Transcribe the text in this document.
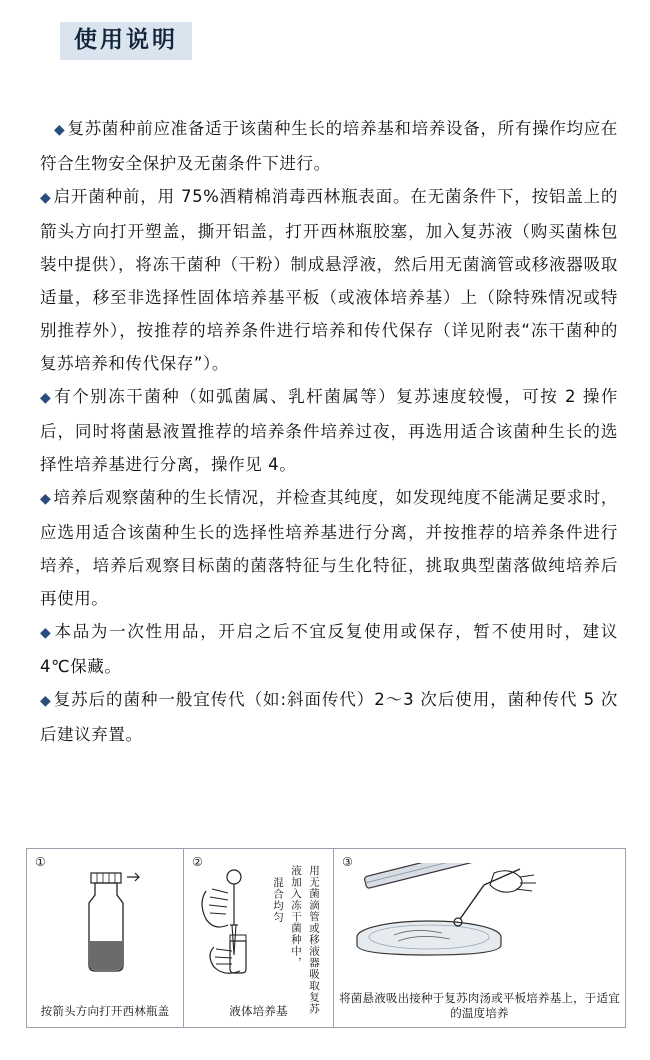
使用说明

◆ 复苏菌种前应准备适于该菌种生长的培养基和培养设备，所有操作均应在符合生物安全保护及无菌条件下进行。

◆ 启开菌种前，用 75%酒精棉消毒西林瓶表面。在无菌条件下，按铝盖上的箭头方向打开塑盖，撕开铝盖，打开西林瓶胶塞，加入复苏液（购买菌株包装中提供），将冻干菌种（干粉）制成悬浮液，然后用无菌滴管或移液器吸取适量，移至非选择性固体培养基平板（或液体培养基）上（除特殊情况或特别推荐外），按推荐的培养条件进行培养和传代保存（详见附表“冻干菌种的复苏培养和传代保存”）。

◆ 有个别冻干菌种（如弧菌属、乳杆菌属等）复苏速度较慢，可按 2 操作后，同时将菌悬液置推荐的培养条件培养过夜，再选用适合该菌种生长的选择性培养基进行分离，操作见 4。

◆ 培养后观察菌种的生长情况，并检查其纯度，如发现纯度不能满足要求时，应选用适合该菌种生长的选择性培养基进行分离，并按推荐的培养条件进行培养，培养后观察目标菌的菌落特征与生化特征，挑取典型菌落做纯培养后再使用。

◆ 本品为一次性用品，开启之后不宜反复使用或保存，暂不使用时，建议 4℃保藏。

◆ 复苏后的菌种一般宜传代（如:斜面传代）2～3 次后使用，菌种传代 5 次后建议弃置。

①
按箭头方向打开西林瓶盖
②
用无菌滴管或移液器吸取复苏
液加入冻干菌种中，
混合均匀
液体培养基
③
将菌悬液吸出接种于复苏肉汤或平板培养基上，于适宜的温度培养
